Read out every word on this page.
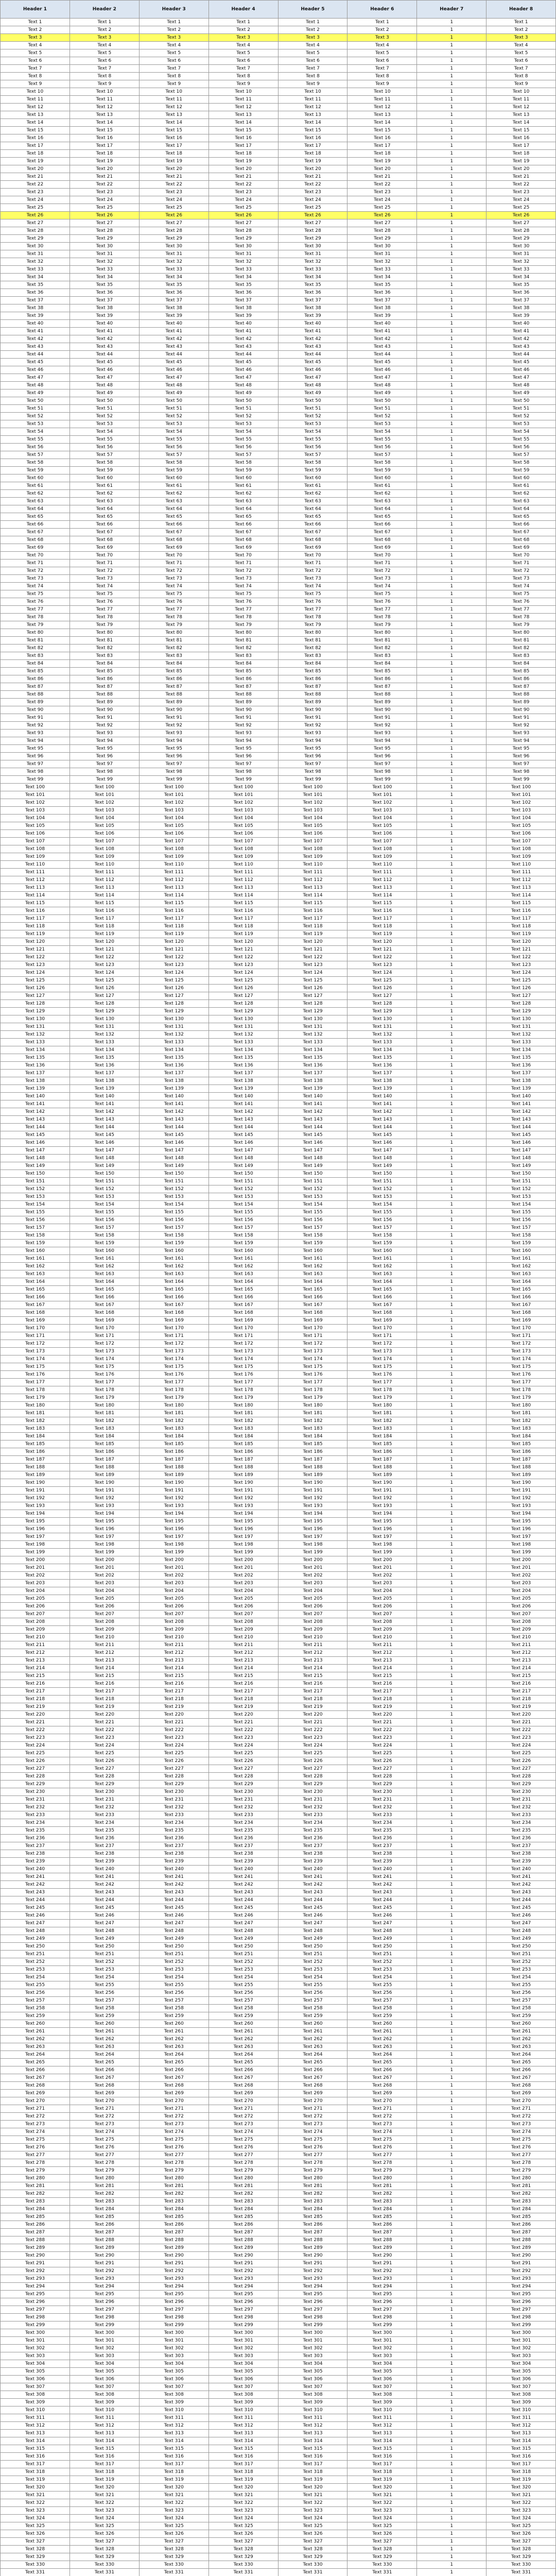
Header 1	Header 2	Header 3	Header 4	Header 5	Header 6	Header 7	Header 8
Text 1	Text 1	Text 1	Text 1	Text 1	Text 1	1	Text 1
Text 2	Text 2	Text 2	Text 2	Text 2	Text 2	1	Text 2
Text 3	Text 3	Text 3	Text 3	Text 3	Text 3	1	Text 3
Text 4	Text 4	Text 4	Text 4	Text 4	Text 4	1	Text 4
Text 5	Text 5	Text 5	Text 5	Text 5	Text 5	1	Text 5
Text 6	Text 6	Text 6	Text 6	Text 6	Text 6	1	Text 6
Text 7	Text 7	Text 7	Text 7	Text 7	Text 7	1	Text 7
Text 8	Text 8	Text 8	Text 8	Text 8	Text 8	1	Text 8
Text 9	Text 9	Text 9	Text 9	Text 9	Text 9	1	Text 9
Text 10	Text 10	Text 10	Text 10	Text 10	Text 10	1	Text 10
Text 11	Text 11	Text 11	Text 11	Text 11	Text 11	1	Text 11
Text 12	Text 12	Text 12	Text 12	Text 12	Text 12	1	Text 12
Text 13	Text 13	Text 13	Text 13	Text 13	Text 13	1	Text 13
Text 14	Text 14	Text 14	Text 14	Text 14	Text 14	1	Text 14
Text 15	Text 15	Text 15	Text 15	Text 15	Text 15	1	Text 15
Text 16	Text 16	Text 16	Text 16	Text 16	Text 16	1	Text 16
Text 17	Text 17	Text 17	Text 17	Text 17	Text 17	1	Text 17
Text 18	Text 18	Text 18	Text 18	Text 18	Text 18	1	Text 18
Text 19	Text 19	Text 19	Text 19	Text 19	Text 19	1	Text 19
Text 20	Text 20	Text 20	Text 20	Text 20	Text 20	1	Text 20
Text 21	Text 21	Text 21	Text 21	Text 21	Text 21	1	Text 21
Text 22	Text 22	Text 22	Text 22	Text 22	Text 22	1	Text 22
Text 23	Text 23	Text 23	Text 23	Text 23	Text 23	1	Text 23
Text 24	Text 24	Text 24	Text 24	Text 24	Text 24	1	Text 24
Text 25	Text 25	Text 25	Text 25	Text 25	Text 25	1	Text 25
Text 26	Text 26	Text 26	Text 26	Text 26	Text 26	1	Text 26
Text 27	Text 27	Text 27	Text 27	Text 27	Text 27	1	Text 27
Text 28	Text 28	Text 28	Text 28	Text 28	Text 28	1	Text 28
Text 29	Text 29	Text 29	Text 29	Text 29	Text 29	1	Text 29
Text 30	Text 30	Text 30	Text 30	Text 30	Text 30	1	Text 30
Text 31	Text 31	Text 31	Text 31	Text 31	Text 31	1	Text 31
Text 32	Text 32	Text 32	Text 32	Text 32	Text 32	1	Text 32
Text 33	Text 33	Text 33	Text 33	Text 33	Text 33	1	Text 33
Text 34	Text 34	Text 34	Text 34	Text 34	Text 34	1	Text 34
Text 35	Text 35	Text 35	Text 35	Text 35	Text 35	1	Text 35
Text 36	Text 36	Text 36	Text 36	Text 36	Text 36	1	Text 36
Text 37	Text 37	Text 37	Text 37	Text 37	Text 37	1	Text 37
Text 38	Text 38	Text 38	Text 38	Text 38	Text 38	1	Text 38
Text 39	Text 39	Text 39	Text 39	Text 39	Text 39	1	Text 39
Text 40	Text 40	Text 40	Text 40	Text 40	Text 40	1	Text 40
Text 41	Text 41	Text 41	Text 41	Text 41	Text 41	1	Text 41
Text 42	Text 42	Text 42	Text 42	Text 42	Text 42	1	Text 42
Text 43	Text 43	Text 43	Text 43	Text 43	Text 43	1	Text 43
Text 44	Text 44	Text 44	Text 44	Text 44	Text 44	1	Text 44
Text 45	Text 45	Text 45	Text 45	Text 45	Text 45	1	Text 45
Text 46	Text 46	Text 46	Text 46	Text 46	Text 46	1	Text 46
Text 47	Text 47	Text 47	Text 47	Text 47	Text 47	1	Text 47
Text 48	Text 48	Text 48	Text 48	Text 48	Text 48	1	Text 48
Text 49	Text 49	Text 49	Text 49	Text 49	Text 49	1	Text 49
Text 50	Text 50	Text 50	Text 50	Text 50	Text 50	1	Text 50
Text 51	Text 51	Text 51	Text 51	Text 51	Text 51	1	Text 51
Text 52	Text 52	Text 52	Text 52	Text 52	Text 52	1	Text 52
Text 53	Text 53	Text 53	Text 53	Text 53	Text 53	1	Text 53
Text 54	Text 54	Text 54	Text 54	Text 54	Text 54	1	Text 54
Text 55	Text 55	Text 55	Text 55	Text 55	Text 55	1	Text 55
Text 56	Text 56	Text 56	Text 56	Text 56	Text 56	1	Text 56
Text 57	Text 57	Text 57	Text 57	Text 57	Text 57	1	Text 57
Text 58	Text 58	Text 58	Text 58	Text 58	Text 58	1	Text 58
Text 59	Text 59	Text 59	Text 59	Text 59	Text 59	1	Text 59
Text 60	Text 60	Text 60	Text 60	Text 60	Text 60	1	Text 60
Text 61	Text 61	Text 61	Text 61	Text 61	Text 61	1	Text 61
Text 62	Text 62	Text 62	Text 62	Text 62	Text 62	1	Text 62
Text 63	Text 63	Text 63	Text 63	Text 63	Text 63	1	Text 63
Text 64	Text 64	Text 64	Text 64	Text 64	Text 64	1	Text 64
Text 65	Text 65	Text 65	Text 65	Text 65	Text 65	1	Text 65
Text 66	Text 66	Text 66	Text 66	Text 66	Text 66	1	Text 66
Text 67	Text 67	Text 67	Text 67	Text 67	Text 67	1	Text 67
Text 68	Text 68	Text 68	Text 68	Text 68	Text 68	1	Text 68
Text 69	Text 69	Text 69	Text 69	Text 69	Text 69	1	Text 69
Text 70	Text 70	Text 70	Text 70	Text 70	Text 70	1	Text 70
Text 71	Text 71	Text 71	Text 71	Text 71	Text 71	1	Text 71
Text 72	Text 72	Text 72	Text 72	Text 72	Text 72	1	Text 72
Text 73	Text 73	Text 73	Text 73	Text 73	Text 73	1	Text 73
Text 74	Text 74	Text 74	Text 74	Text 74	Text 74	1	Text 74
Text 75	Text 75	Text 75	Text 75	Text 75	Text 75	1	Text 75
Text 76	Text 76	Text 76	Text 76	Text 76	Text 76	1	Text 76
Text 77	Text 77	Text 77	Text 77	Text 77	Text 77	1	Text 77
Text 78	Text 78	Text 78	Text 78	Text 78	Text 78	1	Text 78
Text 79	Text 79	Text 79	Text 79	Text 79	Text 79	1	Text 79
Text 80	Text 80	Text 80	Text 80	Text 80	Text 80	1	Text 80
Text 81	Text 81	Text 81	Text 81	Text 81	Text 81	1	Text 81
Text 82	Text 82	Text 82	Text 82	Text 82	Text 82	1	Text 82
Text 83	Text 83	Text 83	Text 83	Text 83	Text 83	1	Text 83
Text 84	Text 84	Text 84	Text 84	Text 84	Text 84	1	Text 84
Text 85	Text 85	Text 85	Text 85	Text 85	Text 85	1	Text 85
Text 86	Text 86	Text 86	Text 86	Text 86	Text 86	1	Text 86
Text 87	Text 87	Text 87	Text 87	Text 87	Text 87	1	Text 87
Text 88	Text 88	Text 88	Text 88	Text 88	Text 88	1	Text 88
Text 89	Text 89	Text 89	Text 89	Text 89	Text 89	1	Text 89
Text 90	Text 90	Text 90	Text 90	Text 90	Text 90	1	Text 90
Text 91	Text 91	Text 91	Text 91	Text 91	Text 91	1	Text 91
Text 92	Text 92	Text 92	Text 92	Text 92	Text 92	1	Text 92
Text 93	Text 93	Text 93	Text 93	Text 93	Text 93	1	Text 93
Text 94	Text 94	Text 94	Text 94	Text 94	Text 94	1	Text 94
Text 95	Text 95	Text 95	Text 95	Text 95	Text 95	1	Text 95
Text 96	Text 96	Text 96	Text 96	Text 96	Text 96	1	Text 96
Text 97	Text 97	Text 97	Text 97	Text 97	Text 97	1	Text 97
Text 98	Text 98	Text 98	Text 98	Text 98	Text 98	1	Text 98
Text 99	Text 99	Text 99	Text 99	Text 99	Text 99	1	Text 99
Text 100	Text 100	Text 100	Text 100	Text 100	Text 100	1	Text 100
Text 101	Text 101	Text 101	Text 101	Text 101	Text 101	1	Text 101
Text 102	Text 102	Text 102	Text 102	Text 102	Text 102	1	Text 102
Text 103	Text 103	Text 103	Text 103	Text 103	Text 103	1	Text 103
Text 104	Text 104	Text 104	Text 104	Text 104	Text 104	1	Text 104
Text 105	Text 105	Text 105	Text 105	Text 105	Text 105	1	Text 105
Text 106	Text 106	Text 106	Text 106	Text 106	Text 106	1	Text 106
Text 107	Text 107	Text 107	Text 107	Text 107	Text 107	1	Text 107
Text 108	Text 108	Text 108	Text 108	Text 108	Text 108	1	Text 108
Text 109	Text 109	Text 109	Text 109	Text 109	Text 109	1	Text 109
Text 110	Text 110	Text 110	Text 110	Text 110	Text 110	1	Text 110
Text 111	Text 111	Text 111	Text 111	Text 111	Text 111	1	Text 111
Text 112	Text 112	Text 112	Text 112	Text 112	Text 112	1	Text 112
Text 113	Text 113	Text 113	Text 113	Text 113	Text 113	1	Text 113
Text 114	Text 114	Text 114	Text 114	Text 114	Text 114	1	Text 114
Text 115	Text 115	Text 115	Text 115	Text 115	Text 115	1	Text 115
Text 116	Text 116	Text 116	Text 116	Text 116	Text 116	1	Text 116
Text 117	Text 117	Text 117	Text 117	Text 117	Text 117	1	Text 117
Text 118	Text 118	Text 118	Text 118	Text 118	Text 118	1	Text 118
Text 119	Text 119	Text 119	Text 119	Text 119	Text 119	1	Text 119
Text 120	Text 120	Text 120	Text 120	Text 120	Text 120	1	Text 120
Text 121	Text 121	Text 121	Text 121	Text 121	Text 121	1	Text 121
Text 122	Text 122	Text 122	Text 122	Text 122	Text 122	1	Text 122
Text 123	Text 123	Text 123	Text 123	Text 123	Text 123	1	Text 123
Text 124	Text 124	Text 124	Text 124	Text 124	Text 124	1	Text 124
Text 125	Text 125	Text 125	Text 125	Text 125	Text 125	1	Text 125
Text 126	Text 126	Text 126	Text 126	Text 126	Text 126	1	Text 126
Text 127	Text 127	Text 127	Text 127	Text 127	Text 127	1	Text 127
Text 128	Text 128	Text 128	Text 128	Text 128	Text 128	1	Text 128
Text 129	Text 129	Text 129	Text 129	Text 129	Text 129	1	Text 129
Text 130	Text 130	Text 130	Text 130	Text 130	Text 130	1	Text 130
Text 131	Text 131	Text 131	Text 131	Text 131	Text 131	1	Text 131
Text 132	Text 132	Text 132	Text 132	Text 132	Text 132	1	Text 132
Text 133	Text 133	Text 133	Text 133	Text 133	Text 133	1	Text 133
Text 134	Text 134	Text 134	Text 134	Text 134	Text 134	1	Text 134
Text 135	Text 135	Text 135	Text 135	Text 135	Text 135	1	Text 135
Text 136	Text 136	Text 136	Text 136	Text 136	Text 136	1	Text 136
Text 137	Text 137	Text 137	Text 137	Text 137	Text 137	1	Text 137
Text 138	Text 138	Text 138	Text 138	Text 138	Text 138	1	Text 138
Text 139	Text 139	Text 139	Text 139	Text 139	Text 139	1	Text 139
Text 140	Text 140	Text 140	Text 140	Text 140	Text 140	1	Text 140
Text 141	Text 141	Text 141	Text 141	Text 141	Text 141	1	Text 141
Text 142	Text 142	Text 142	Text 142	Text 142	Text 142	1	Text 142
Text 143	Text 143	Text 143	Text 143	Text 143	Text 143	1	Text 143
Text 144	Text 144	Text 144	Text 144	Text 144	Text 144	1	Text 144
Text 145	Text 145	Text 145	Text 145	Text 145	Text 145	1	Text 145
Text 146	Text 146	Text 146	Text 146	Text 146	Text 146	1	Text 146
Text 147	Text 147	Text 147	Text 147	Text 147	Text 147	1	Text 147
Text 148	Text 148	Text 148	Text 148	Text 148	Text 148	1	Text 148
Text 149	Text 149	Text 149	Text 149	Text 149	Text 149	1	Text 149
Text 150	Text 150	Text 150	Text 150	Text 150	Text 150	1	Text 150
Text 151	Text 151	Text 151	Text 151	Text 151	Text 151	1	Text 151
Text 152	Text 152	Text 152	Text 152	Text 152	Text 152	1	Text 152
Text 153	Text 153	Text 153	Text 153	Text 153	Text 153	1	Text 153
Text 154	Text 154	Text 154	Text 154	Text 154	Text 154	1	Text 154
Text 155	Text 155	Text 155	Text 155	Text 155	Text 155	1	Text 155
Text 156	Text 156	Text 156	Text 156	Text 156	Text 156	1	Text 156
Text 157	Text 157	Text 157	Text 157	Text 157	Text 157	1	Text 157
Text 158	Text 158	Text 158	Text 158	Text 158	Text 158	1	Text 158
Text 159	Text 159	Text 159	Text 159	Text 159	Text 159	1	Text 159
Text 160	Text 160	Text 160	Text 160	Text 160	Text 160	1	Text 160
Text 161	Text 161	Text 161	Text 161	Text 161	Text 161	1	Text 161
Text 162	Text 162	Text 162	Text 162	Text 162	Text 162	1	Text 162
Text 163	Text 163	Text 163	Text 163	Text 163	Text 163	1	Text 163
Text 164	Text 164	Text 164	Text 164	Text 164	Text 164	1	Text 164
Text 165	Text 165	Text 165	Text 165	Text 165	Text 165	1	Text 165
Text 166	Text 166	Text 166	Text 166	Text 166	Text 166	1	Text 166
Text 167	Text 167	Text 167	Text 167	Text 167	Text 167	1	Text 167
Text 168	Text 168	Text 168	Text 168	Text 168	Text 168	1	Text 168
Text 169	Text 169	Text 169	Text 169	Text 169	Text 169	1	Text 169
Text 170	Text 170	Text 170	Text 170	Text 170	Text 170	1	Text 170
Text 171	Text 171	Text 171	Text 171	Text 171	Text 171	1	Text 171
Text 172	Text 172	Text 172	Text 172	Text 172	Text 172	1	Text 172
Text 173	Text 173	Text 173	Text 173	Text 173	Text 173	1	Text 173
Text 174	Text 174	Text 174	Text 174	Text 174	Text 174	1	Text 174
Text 175	Text 175	Text 175	Text 175	Text 175	Text 175	1	Text 175
Text 176	Text 176	Text 176	Text 176	Text 176	Text 176	1	Text 176
Text 177	Text 177	Text 177	Text 177	Text 177	Text 177	1	Text 177
Text 178	Text 178	Text 178	Text 178	Text 178	Text 178	1	Text 178
Text 179	Text 179	Text 179	Text 179	Text 179	Text 179	1	Text 179
Text 180	Text 180	Text 180	Text 180	Text 180	Text 180	1	Text 180
Text 181	Text 181	Text 181	Text 181	Text 181	Text 181	1	Text 181
Text 182	Text 182	Text 182	Text 182	Text 182	Text 182	1	Text 182
Text 183	Text 183	Text 183	Text 183	Text 183	Text 183	1	Text 183
Text 184	Text 184	Text 184	Text 184	Text 184	Text 184	1	Text 184
Text 185	Text 185	Text 185	Text 185	Text 185	Text 185	1	Text 185
Text 186	Text 186	Text 186	Text 186	Text 186	Text 186	1	Text 186
Text 187	Text 187	Text 187	Text 187	Text 187	Text 187	1	Text 187
Text 188	Text 188	Text 188	Text 188	Text 188	Text 188	1	Text 188
Text 189	Text 189	Text 189	Text 189	Text 189	Text 189	1	Text 189
Text 190	Text 190	Text 190	Text 190	Text 190	Text 190	1	Text 190
Text 191	Text 191	Text 191	Text 191	Text 191	Text 191	1	Text 191
Text 192	Text 192	Text 192	Text 192	Text 192	Text 192	1	Text 192
Text 193	Text 193	Text 193	Text 193	Text 193	Text 193	1	Text 193
Text 194	Text 194	Text 194	Text 194	Text 194	Text 194	1	Text 194
Text 195	Text 195	Text 195	Text 195	Text 195	Text 195	1	Text 195
Text 196	Text 196	Text 196	Text 196	Text 196	Text 196	1	Text 196
Text 197	Text 197	Text 197	Text 197	Text 197	Text 197	1	Text 197
Text 198	Text 198	Text 198	Text 198	Text 198	Text 198	1	Text 198
Text 199	Text 199	Text 199	Text 199	Text 199	Text 199	1	Text 199
Text 200	Text 200	Text 200	Text 200	Text 200	Text 200	1	Text 200
Text 201	Text 201	Text 201	Text 201	Text 201	Text 201	1	Text 201
Text 202	Text 202	Text 202	Text 202	Text 202	Text 202	1	Text 202
Text 203	Text 203	Text 203	Text 203	Text 203	Text 203	1	Text 203
Text 204	Text 204	Text 204	Text 204	Text 204	Text 204	1	Text 204
Text 205	Text 205	Text 205	Text 205	Text 205	Text 205	1	Text 205
Text 206	Text 206	Text 206	Text 206	Text 206	Text 206	1	Text 206
Text 207	Text 207	Text 207	Text 207	Text 207	Text 207	1	Text 207
Text 208	Text 208	Text 208	Text 208	Text 208	Text 208	1	Text 208
Text 209	Text 209	Text 209	Text 209	Text 209	Text 209	1	Text 209
Text 210	Text 210	Text 210	Text 210	Text 210	Text 210	1	Text 210
Text 211	Text 211	Text 211	Text 211	Text 211	Text 211	1	Text 211
Text 212	Text 212	Text 212	Text 212	Text 212	Text 212	1	Text 212
Text 213	Text 213	Text 213	Text 213	Text 213	Text 213	1	Text 213
Text 214	Text 214	Text 214	Text 214	Text 214	Text 214	1	Text 214
Text 215	Text 215	Text 215	Text 215	Text 215	Text 215	1	Text 215
Text 216	Text 216	Text 216	Text 216	Text 216	Text 216	1	Text 216
Text 217	Text 217	Text 217	Text 217	Text 217	Text 217	1	Text 217
Text 218	Text 218	Text 218	Text 218	Text 218	Text 218	1	Text 218
Text 219	Text 219	Text 219	Text 219	Text 219	Text 219	1	Text 219
Text 220	Text 220	Text 220	Text 220	Text 220	Text 220	1	Text 220
Text 221	Text 221	Text 221	Text 221	Text 221	Text 221	1	Text 221
Text 222	Text 222	Text 222	Text 222	Text 222	Text 222	1	Text 222
Text 223	Text 223	Text 223	Text 223	Text 223	Text 223	1	Text 223
Text 224	Text 224	Text 224	Text 224	Text 224	Text 224	1	Text 224
Text 225	Text 225	Text 225	Text 225	Text 225	Text 225	1	Text 225
Text 226	Text 226	Text 226	Text 226	Text 226	Text 226	1	Text 226
Text 227	Text 227	Text 227	Text 227	Text 227	Text 227	1	Text 227
Text 228	Text 228	Text 228	Text 228	Text 228	Text 228	1	Text 228
Text 229	Text 229	Text 229	Text 229	Text 229	Text 229	1	Text 229
Text 230	Text 230	Text 230	Text 230	Text 230	Text 230	1	Text 230
Text 231	Text 231	Text 231	Text 231	Text 231	Text 231	1	Text 231
Text 232	Text 232	Text 232	Text 232	Text 232	Text 232	1	Text 232
Text 233	Text 233	Text 233	Text 233	Text 233	Text 233	1	Text 233
Text 234	Text 234	Text 234	Text 234	Text 234	Text 234	1	Text 234
Text 235	Text 235	Text 235	Text 235	Text 235	Text 235	1	Text 235
Text 236	Text 236	Text 236	Text 236	Text 236	Text 236	1	Text 236
Text 237	Text 237	Text 237	Text 237	Text 237	Text 237	1	Text 237
Text 238	Text 238	Text 238	Text 238	Text 238	Text 238	1	Text 238
Text 239	Text 239	Text 239	Text 239	Text 239	Text 239	1	Text 239
Text 240	Text 240	Text 240	Text 240	Text 240	Text 240	1	Text 240
Text 241	Text 241	Text 241	Text 241	Text 241	Text 241	1	Text 241
Text 242	Text 242	Text 242	Text 242	Text 242	Text 242	1	Text 242
Text 243	Text 243	Text 243	Text 243	Text 243	Text 243	1	Text 243
Text 244	Text 244	Text 244	Text 244	Text 244	Text 244	1	Text 244
Text 245	Text 245	Text 245	Text 245	Text 245	Text 245	1	Text 245
Text 246	Text 246	Text 246	Text 246	Text 246	Text 246	1	Text 246
Text 247	Text 247	Text 247	Text 247	Text 247	Text 247	1	Text 247
Text 248	Text 248	Text 248	Text 248	Text 248	Text 248	1	Text 248
Text 249	Text 249	Text 249	Text 249	Text 249	Text 249	1	Text 249
Text 250	Text 250	Text 250	Text 250	Text 250	Text 250	1	Text 250
Text 251	Text 251	Text 251	Text 251	Text 251	Text 251	1	Text 251
Text 252	Text 252	Text 252	Text 252	Text 252	Text 252	1	Text 252
Text 253	Text 253	Text 253	Text 253	Text 253	Text 253	1	Text 253
Text 254	Text 254	Text 254	Text 254	Text 254	Text 254	1	Text 254
Text 255	Text 255	Text 255	Text 255	Text 255	Text 255	1	Text 255
Text 256	Text 256	Text 256	Text 256	Text 256	Text 256	1	Text 256
Text 257	Text 257	Text 257	Text 257	Text 257	Text 257	1	Text 257
Text 258	Text 258	Text 258	Text 258	Text 258	Text 258	1	Text 258
Text 259	Text 259	Text 259	Text 259	Text 259	Text 259	1	Text 259
Text 260	Text 260	Text 260	Text 260	Text 260	Text 260	1	Text 260
Text 261	Text 261	Text 261	Text 261	Text 261	Text 261	1	Text 261
Text 262	Text 262	Text 262	Text 262	Text 262	Text 262	1	Text 262
Text 263	Text 263	Text 263	Text 263	Text 263	Text 263	1	Text 263
Text 264	Text 264	Text 264	Text 264	Text 264	Text 264	1	Text 264
Text 265	Text 265	Text 265	Text 265	Text 265	Text 265	1	Text 265
Text 266	Text 266	Text 266	Text 266	Text 266	Text 266	1	Text 266
Text 267	Text 267	Text 267	Text 267	Text 267	Text 267	1	Text 267
Text 268	Text 268	Text 268	Text 268	Text 268	Text 268	1	Text 268
Text 269	Text 269	Text 269	Text 269	Text 269	Text 269	1	Text 269
Text 270	Text 270	Text 270	Text 270	Text 270	Text 270	1	Text 270
Text 271	Text 271	Text 271	Text 271	Text 271	Text 271	1	Text 271
Text 272	Text 272	Text 272	Text 272	Text 272	Text 272	1	Text 272
Text 273	Text 273	Text 273	Text 273	Text 273	Text 273	1	Text 273
Text 274	Text 274	Text 274	Text 274	Text 274	Text 274	1	Text 274
Text 275	Text 275	Text 275	Text 275	Text 275	Text 275	1	Text 275
Text 276	Text 276	Text 276	Text 276	Text 276	Text 276	1	Text 276
Text 277	Text 277	Text 277	Text 277	Text 277	Text 277	1	Text 277
Text 278	Text 278	Text 278	Text 278	Text 278	Text 278	1	Text 278
Text 279	Text 279	Text 279	Text 279	Text 279	Text 279	1	Text 279
Text 280	Text 280	Text 280	Text 280	Text 280	Text 280	1	Text 280
Text 281	Text 281	Text 281	Text 281	Text 281	Text 281	1	Text 281
Text 282	Text 282	Text 282	Text 282	Text 282	Text 282	1	Text 282
Text 283	Text 283	Text 283	Text 283	Text 283	Text 283	1	Text 283
Text 284	Text 284	Text 284	Text 284	Text 284	Text 284	1	Text 284
Text 285	Text 285	Text 285	Text 285	Text 285	Text 285	1	Text 285
Text 286	Text 286	Text 286	Text 286	Text 286	Text 286	1	Text 286
Text 287	Text 287	Text 287	Text 287	Text 287	Text 287	1	Text 287
Text 288	Text 288	Text 288	Text 288	Text 288	Text 288	1	Text 288
Text 289	Text 289	Text 289	Text 289	Text 289	Text 289	1	Text 289
Text 290	Text 290	Text 290	Text 290	Text 290	Text 290	1	Text 290
Text 291	Text 291	Text 291	Text 291	Text 291	Text 291	1	Text 291
Text 292	Text 292	Text 292	Text 292	Text 292	Text 292	1	Text 292
Text 293	Text 293	Text 293	Text 293	Text 293	Text 293	1	Text 293
Text 294	Text 294	Text 294	Text 294	Text 294	Text 294	1	Text 294
Text 295	Text 295	Text 295	Text 295	Text 295	Text 295	1	Text 295
Text 296	Text 296	Text 296	Text 296	Text 296	Text 296	1	Text 296
Text 297	Text 297	Text 297	Text 297	Text 297	Text 297	1	Text 297
Text 298	Text 298	Text 298	Text 298	Text 298	Text 298	1	Text 298
Text 299	Text 299	Text 299	Text 299	Text 299	Text 299	1	Text 299
Text 300	Text 300	Text 300	Text 300	Text 300	Text 300	1	Text 300
Text 301	Text 301	Text 301	Text 301	Text 301	Text 301	1	Text 301
Text 302	Text 302	Text 302	Text 302	Text 302	Text 302	1	Text 302
Text 303	Text 303	Text 303	Text 303	Text 303	Text 303	1	Text 303
Text 304	Text 304	Text 304	Text 304	Text 304	Text 304	1	Text 304
Text 305	Text 305	Text 305	Text 305	Text 305	Text 305	1	Text 305
Text 306	Text 306	Text 306	Text 306	Text 306	Text 306	1	Text 306
Text 307	Text 307	Text 307	Text 307	Text 307	Text 307	1	Text 307
Text 308	Text 308	Text 308	Text 308	Text 308	Text 308	1	Text 308
Text 309	Text 309	Text 309	Text 309	Text 309	Text 309	1	Text 309
Text 310	Text 310	Text 310	Text 310	Text 310	Text 310	1	Text 310
Text 311	Text 311	Text 311	Text 311	Text 311	Text 311	1	Text 311
Text 312	Text 312	Text 312	Text 312	Text 312	Text 312	1	Text 312
Text 313	Text 313	Text 313	Text 313	Text 313	Text 313	1	Text 313
Text 314	Text 314	Text 314	Text 314	Text 314	Text 314	1	Text 314
Text 315	Text 315	Text 315	Text 315	Text 315	Text 315	1	Text 315
Text 316	Text 316	Text 316	Text 316	Text 316	Text 316	1	Text 316
Text 317	Text 317	Text 317	Text 317	Text 317	Text 317	1	Text 317
Text 318	Text 318	Text 318	Text 318	Text 318	Text 318	1	Text 318
Text 319	Text 319	Text 319	Text 319	Text 319	Text 319	1	Text 319
Text 320	Text 320	Text 320	Text 320	Text 320	Text 320	1	Text 320
Text 321	Text 321	Text 321	Text 321	Text 321	Text 321	1	Text 321
Text 322	Text 322	Text 322	Text 322	Text 322	Text 322	1	Text 322
Text 323	Text 323	Text 323	Text 323	Text 323	Text 323	1	Text 323
Text 324	Text 324	Text 324	Text 324	Text 324	Text 324	1	Text 324
Text 325	Text 325	Text 325	Text 325	Text 325	Text 325	1	Text 325
Text 326	Text 326	Text 326	Text 326	Text 326	Text 326	1	Text 326
Text 327	Text 327	Text 327	Text 327	Text 327	Text 327	1	Text 327
Text 328	Text 328	Text 328	Text 328	Text 328	Text 328	1	Text 328
Text 329	Text 329	Text 329	Text 329	Text 329	Text 329	1	Text 329
Text 330	Text 330	Text 330	Text 330	Text 330	Text 330	1	Text 330
Text 331	Text 331	Text 331	Text 331	Text 331	Text 331	1	Text 331
